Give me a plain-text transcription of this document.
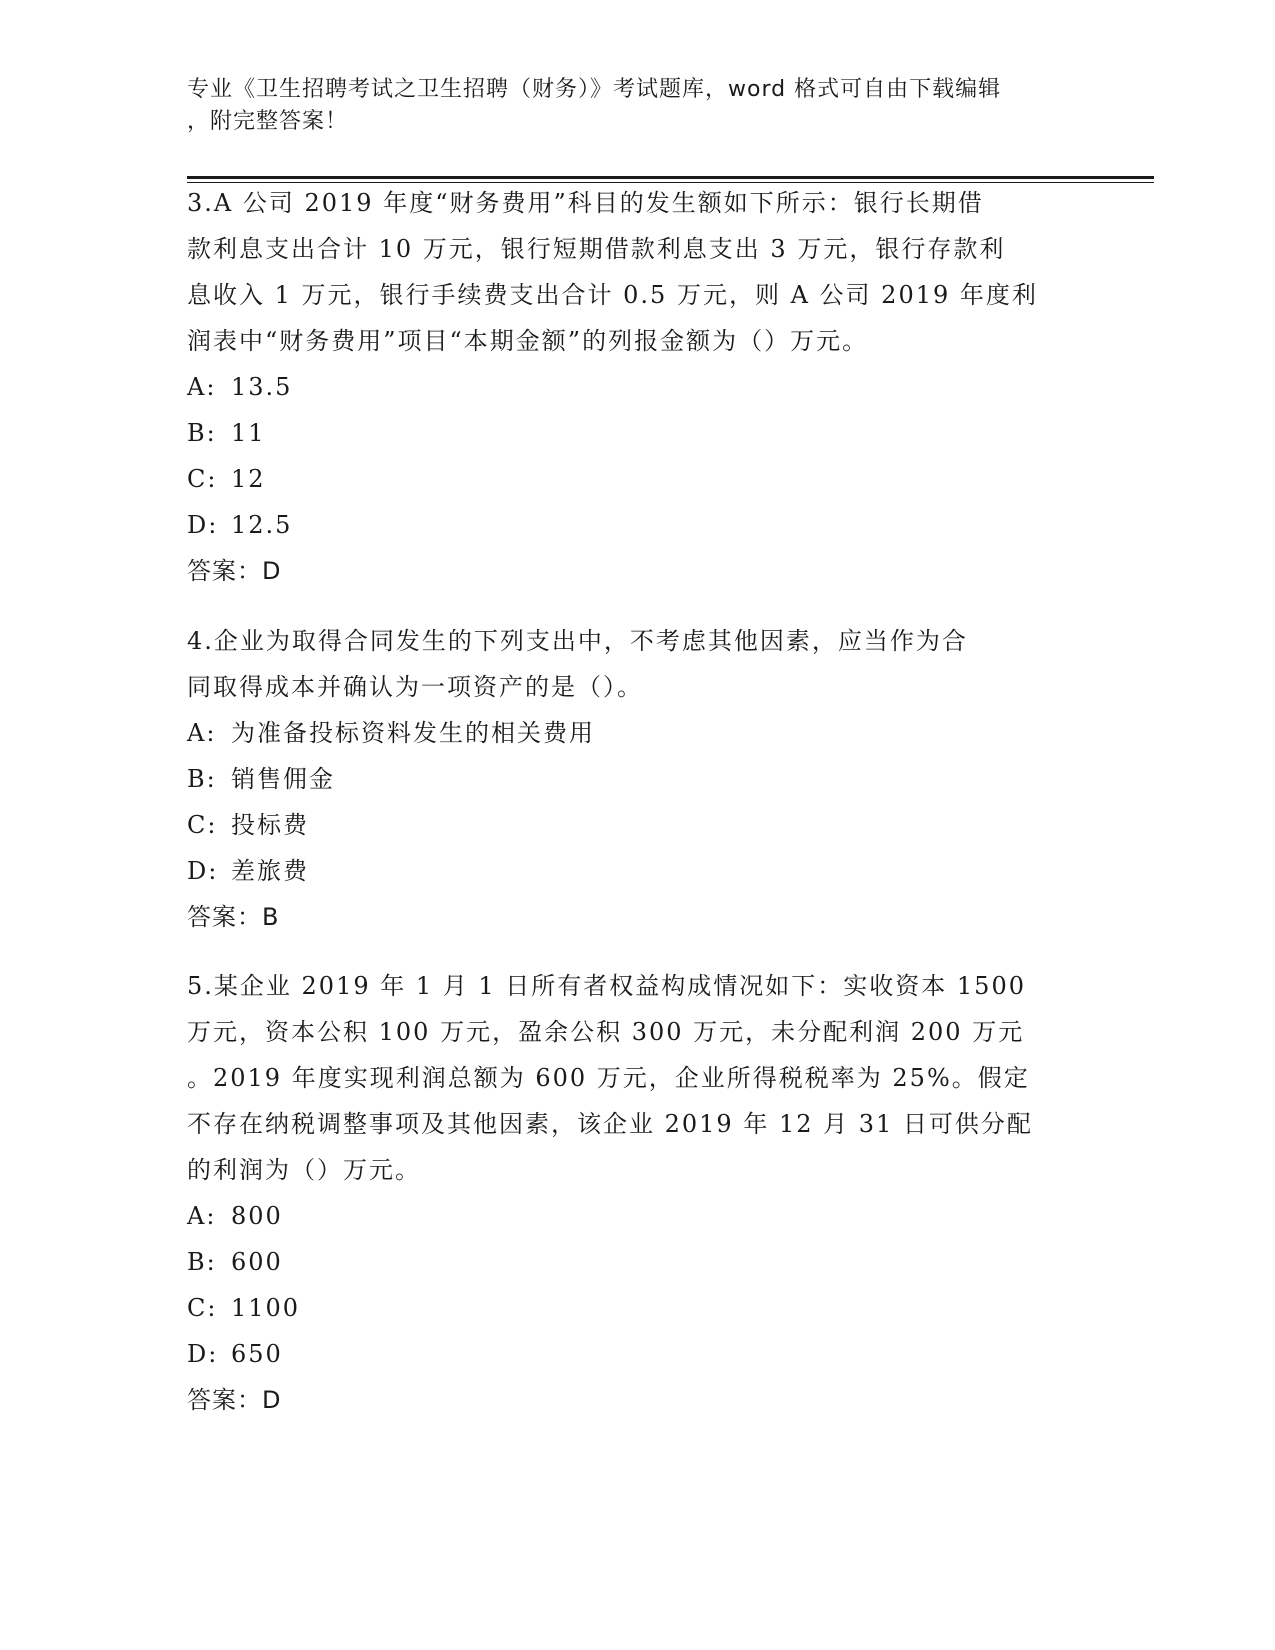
专业《卫生招聘考试之卫生招聘（财务）》考试题库，word 格式可自由下载编辑
，附完整答案！
3.A 公司 2019 年度“财务费用”科目的发生额如下所示：银行长期借
款利息支出合计 10 万元，银行短期借款利息支出 3 万元，银行存款利
息收入 1 万元，银行手续费支出合计 0.5 万元，则 A 公司 2019 年度利
润表中“财务费用”项目“本期金额”的列报金额为（）万元。
A: 13.5
B: 11
C: 12
D: 12.5
答案：D
4.企业为取得合同发生的下列支出中，不考虑其他因素，应当作为合
同取得成本并确认为一项资产的是（）。
A: 为准备投标资料发生的相关费用
B: 销售佣金
C: 投标费
D: 差旅费
答案：B
5.某企业 2019 年 1 月 1 日所有者权益构成情况如下：实收资本 1500
万元，资本公积 100 万元，盈余公积 300 万元，未分配利润 200 万元
。2019 年度实现利润总额为 600 万元，企业所得税税率为 25%。假定
不存在纳税调整事项及其他因素，该企业 2019 年 12 月 31 日可供分配
的利润为（）万元。
A: 800
B: 600
C: 1100
D: 650
答案：D
